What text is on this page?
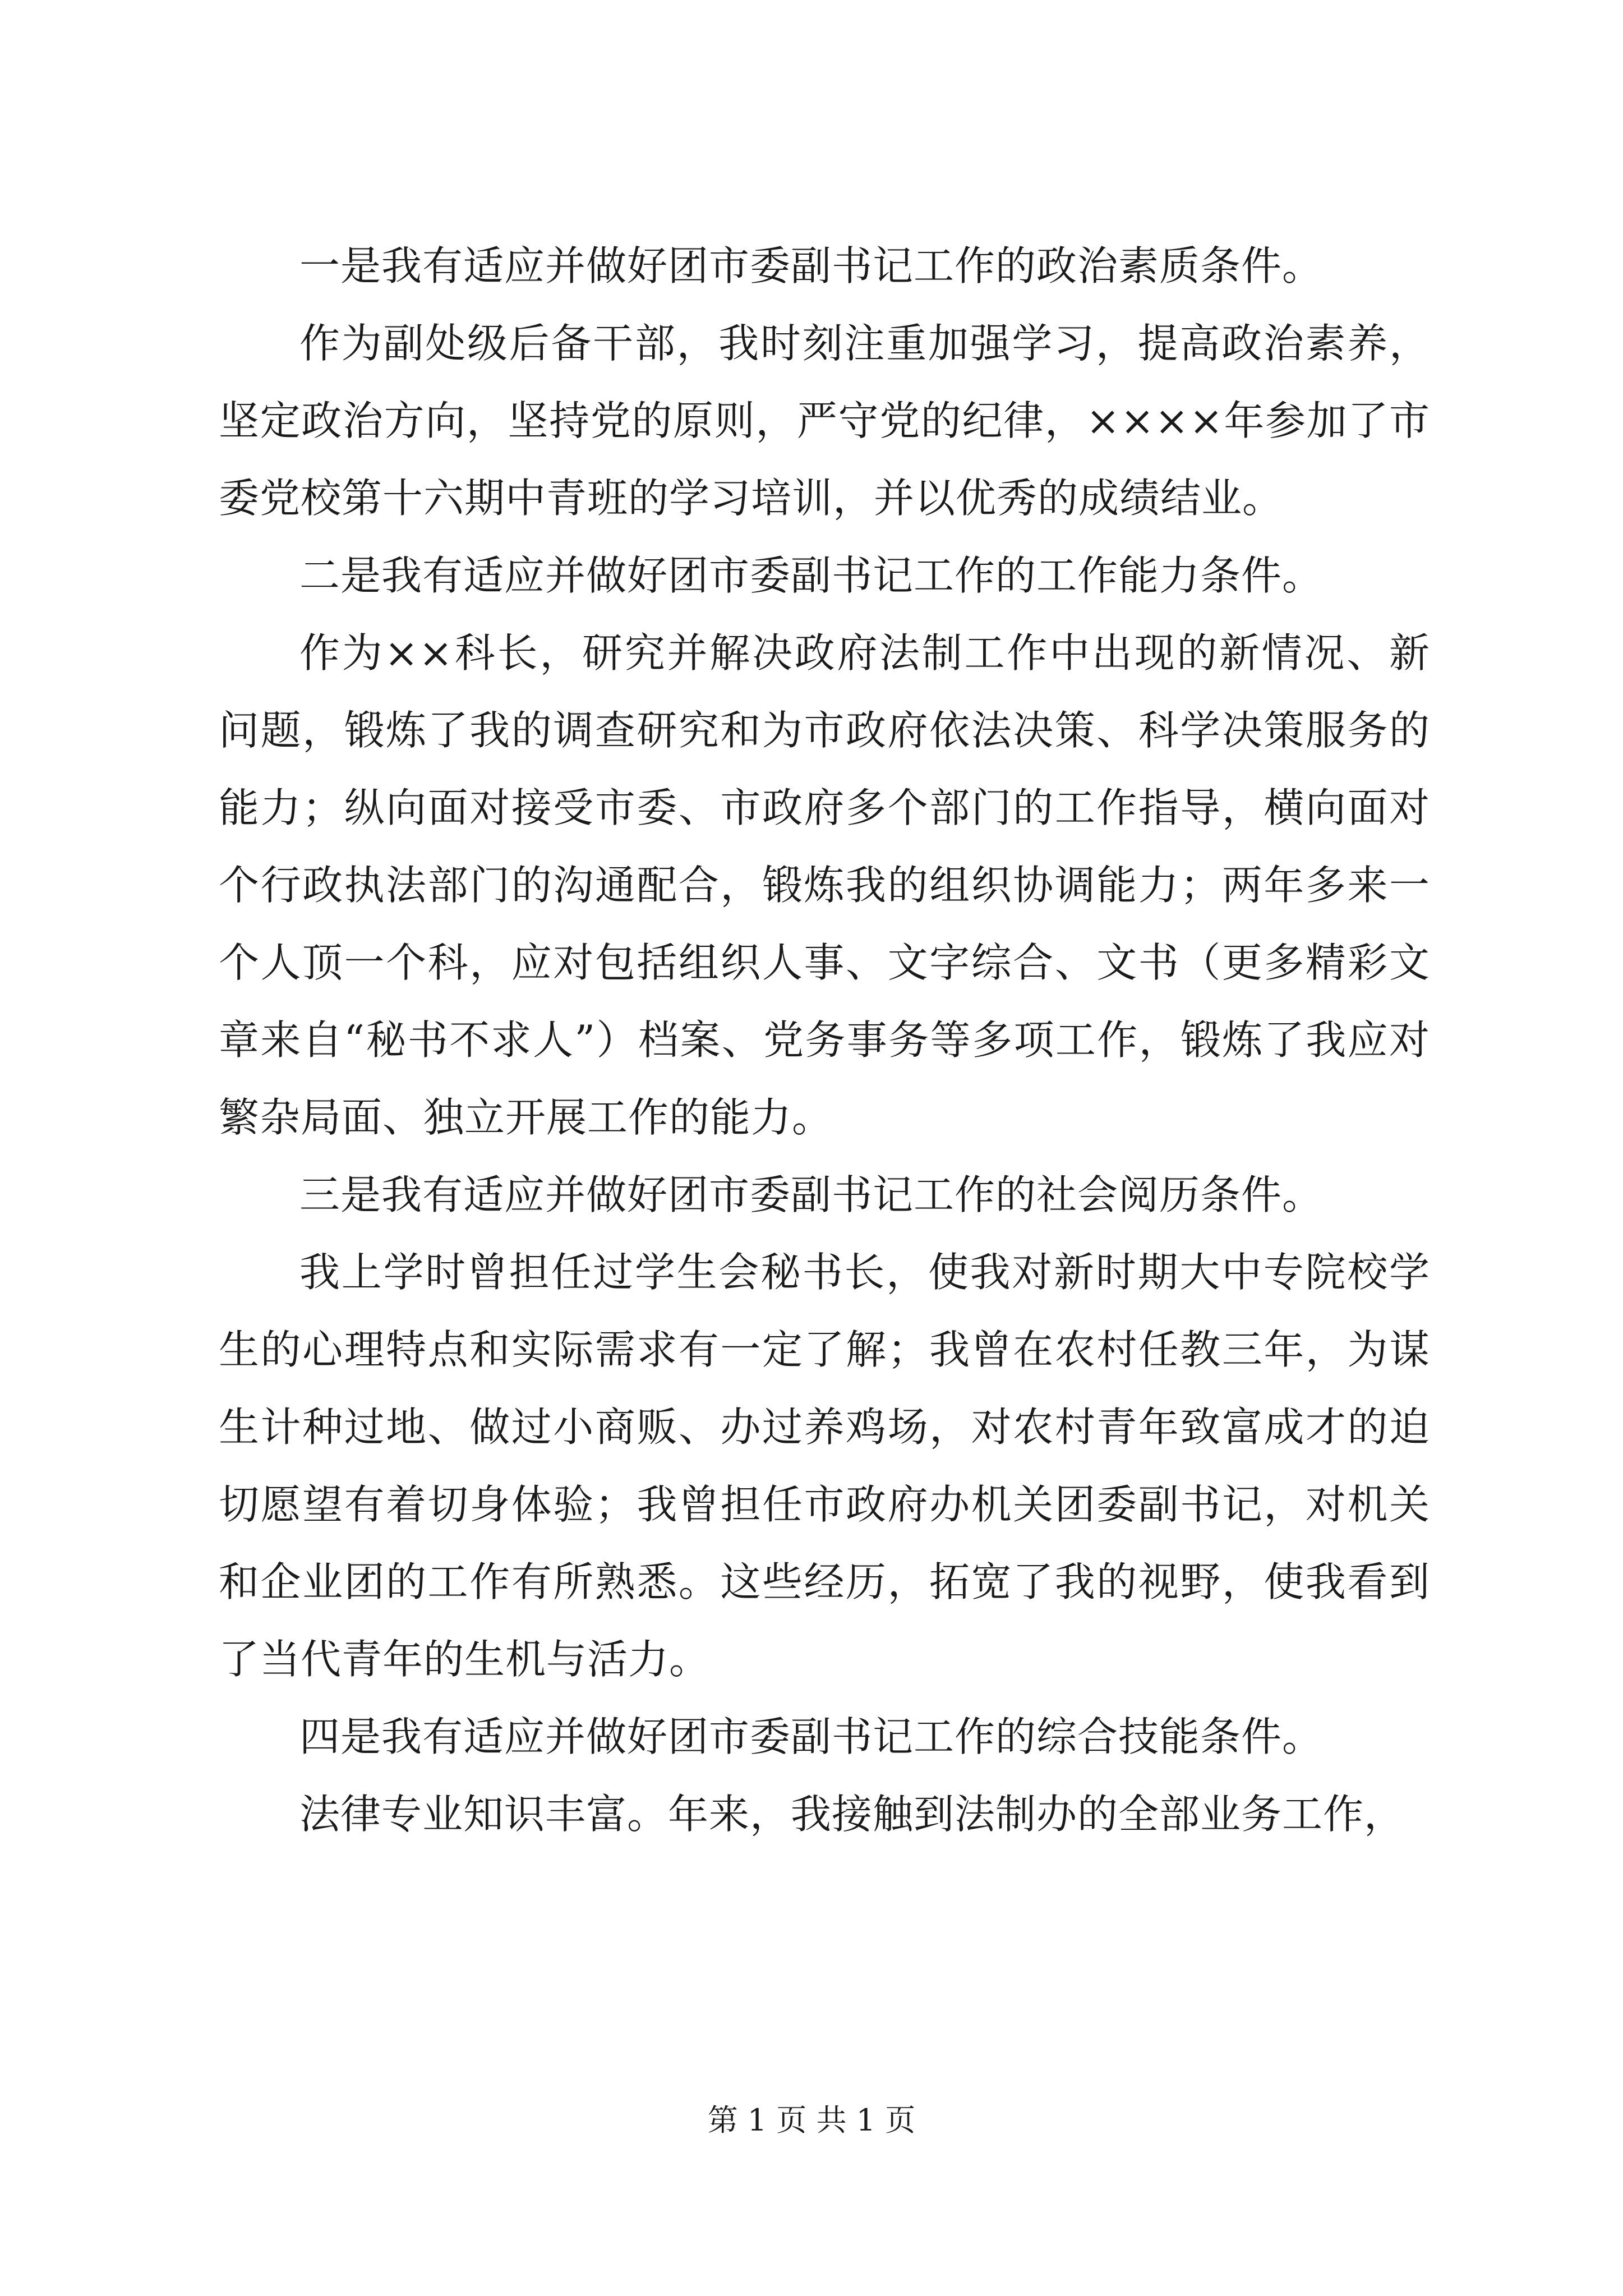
一是我有适应并做好团市委副书记工作的政治素质条件。

作为副处级后备干部，我时刻注重加强学习，提高政治素养，坚定政治方向，坚持党的原则，严守党的纪律，××××年参加了市委党校第十六期中青班的学习培训，并以优秀的成绩结业。

二是我有适应并做好团市委副书记工作的工作能力条件。

作为××科长，研究并解决政府法制工作中出现的新情况、新问题，锻炼了我的调查研究和为市政府依法决策、科学决策服务的能力；纵向面对接受市委、市政府多个部门的工作指导，横向面对个行政执法部门的沟通配合，锻炼我的组织协调能力；两年多来一个人顶一个科，应对包括组织人事、文字综合、文书（更多精彩文章来自“秘书不求人”）档案、党务事务等多项工作，锻炼了我应对繁杂局面、独立开展工作的能力。

三是我有适应并做好团市委副书记工作的社会阅历条件。

我上学时曾担任过学生会秘书长，使我对新时期大中专院校学生的心理特点和实际需求有一定了解；我曾在农村任教三年，为谋生计种过地、做过小商贩、办过养鸡场，对农村青年致富成才的迫切愿望有着切身体验；我曾担任市政府办机关团委副书记，对机关和企业团的工作有所熟悉。这些经历，拓宽了我的视野，使我看到了当代青年的生机与活力。

四是我有适应并做好团市委副书记工作的综合技能条件。

法律专业知识丰富。年来，我接触到法制办的全部业务工作，

第 1 页 共 1 页
